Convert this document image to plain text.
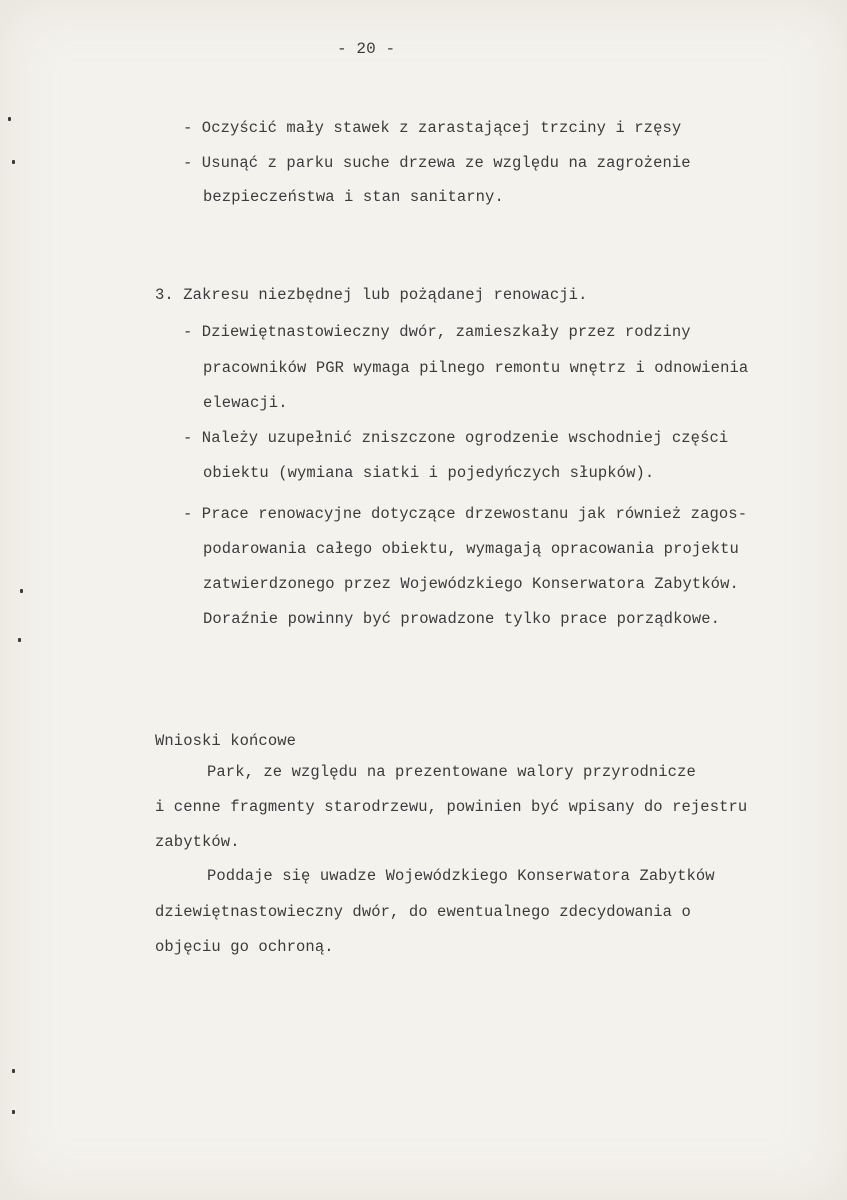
- 20 -
- Oczyścić mały stawek z zarastającej trzciny i rzęsy
- Usunąć z parku suche drzewa ze względu na zagrożenie
bezpieczeństwa i stan sanitarny.
3. Zakresu niezbędnej lub pożądanej renowacji.
- Dziewiętnastowieczny dwór, zamieszkały przez rodziny
pracowników PGR wymaga pilnego remontu wnętrz i odnowienia
elewacji.
- Należy uzupełnić zniszczone ogrodzenie wschodniej części
obiektu (wymiana siatki i pojedyńczych słupków).
- Prace renowacyjne dotyczące drzewostanu jak również zagos-
podarowania całego obiektu, wymagają opracowania projektu
zatwierdzonego przez Wojewódzkiego Konserwatora Zabytków.
Doraźnie powinny być prowadzone tylko prace porządkowe.
Wnioski końcowe
Park, ze względu na prezentowane walory przyrodnicze
i cenne fragmenty starodrzewu, powinien być wpisany do rejestru
zabytków.
Poddaje się uwadze Wojewódzkiego Konserwatora Zabytków
dziewiętnastowieczny dwór, do ewentualnego zdecydowania o
objęciu go ochroną.
